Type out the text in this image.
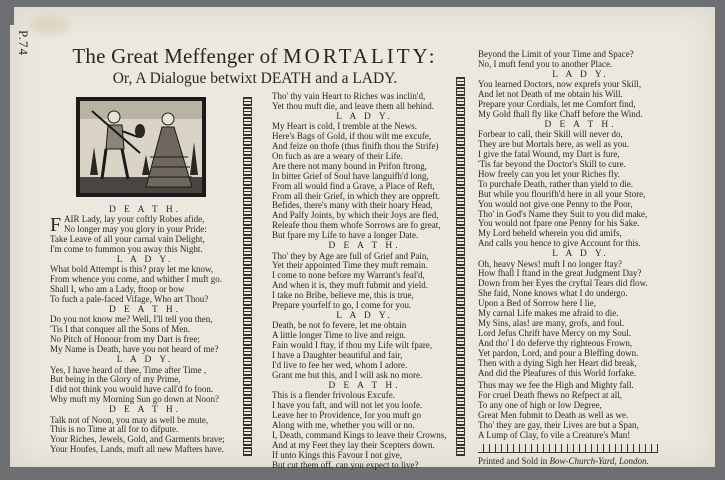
P.74	The Great Meffenger of MORTALITY:
Or, A Dialogue betwixt DEATH and a LADY.
D E A T H.
F AIR Lady, lay your coftly Robes afide,
No longer may you glory in your Pride:
Take Leave of all your carnal vain Delight,
I'm come to fummon you away this Night.
L A D Y.
What bold Attempt is this? pray let me know,
From whence you come, and whither I muft go.
Shall I, who am a Lady, ftoop or bow
To fuch a pale-faced Vifage, Who art Thou?
D E A T H.
Do you not know me? Well, I'll tell you then,
'Tis I that conquer all the Sons of Men.
No Pitch of Honour from my Dart is free;
My Name is Death, have you not heard of me?
L A D Y.
Yes, I have heard of thee, Time after Time ,
But being in the Glory of my Prime,
I did not think you would have call'd fo foon.
Why muft my Morning Sun go down at Noon?
D E A T H.
Talk not of Noon, you may as well be mute,
This is no Time at all for to difpute.
Your Riches, Jewels, Gold, and Garments brave;
Your Houfes, Lands, muft all new Mafters have.
Tho' thy vain Heart to Riches was inclin'd,
Yet thou muft die, and leave them all behind.
L A D Y.
My Heart is cold, I tremble at the News.
Here's Bags of Gold, if thou wilt me excufe,
And feize on thofe (thus finifh thou the Strife)
On fuch as are a weary of their Life.
Are there not many bound in Prifon ftrong,
In bitter Grief of Soul have languifh'd long,
From all would find a Grave, a Place of Reft,
From all their Grief, in which they are oppreft.
Befides, there's many with their hoary Head,
And Palfy Joints, by which their Joys are fled,
Releafe thou them whofe Sorrows are fo great,
But fpare my Life to have a longer Date.
D E A T H.
Tho' they by Age are full of Grief and Pain,
Yet their appointed Time they muft remain.
I come to none before my Warrant's feal'd,
And when it is, they muft fubmit and yield.
I take no Bribe, believe me, this is true,
Prepare yourfelf to go, I come for you.
L A D Y.
Death, be not fo fevere, let me obtain
A little longer Time to live and reign.
Fain would I ftay, if thou my Life wilt fpare,
I have a Daughter beautiful and fair,
I'd live to fee her wed, whom I adore.
Grant me but this, and I will ask no more.
D E A T H.
This is a flender frivolous Excufe.
I have you faft, and will not let you loofe.
Leave her to Providence, for you muft go
Along with me, whether you will or no.
I, Death, command Kings to leave their Crowns,
And at my Feet they lay their Scepters down.
If unto Kings this Favour I not give,
But cut them off, can you expect to live?
Beyond the Limit of your Time and Space?
No, I muft fend you to another Place.
L A D Y.
You learned Doctors, now exprefs your Skill,
And let not Death of me obtain his Will.
Prepare your Cordials, let me Comfort find,
My Gold fhall fly like Chaff before the Wind.
D E A T H.
Forbear to call, their Skill will never do,
They are but Mortals here, as well as you.
I give the fatal Wound, my Dart is fure,
'Tis far beyond the Doctor's Skill to cure.
How freely can you let your Riches fly.
To purchafe Death, rather than yield to die.
But while you flourifh'd here in all your Store,
You would not give one Penny to the Poor,
Tho' in God's Name they Suit to you did make,
You would not fpare one Penny for his Sake.
My Lord beheld wherein you did amifs,
And calls you hence to give Account for this.
L A D Y.
Oh, heavy News! muft I no longer ftay?
How fhall I ftand in the great Judgment Day?
Down from her Eyes the cryftal Tears did flow.
She faid, None knows what I do undergo.
Upon a Bed of Sorrow here I lie,
My carnal Life makes me afraid to die.
My Sins, alas! are many, grofs, and foul.
Lord Jefus Chrift have Mercy on my Soul.
And tho' I do deferve thy righteous Frown,
Yet pardon, Lord, and pour a Bleffing down.
Then with a dying Sigh her Heart did break,
And did the Pleafures of this World forfake.
Thus may we fee the High and Mighty fall.
For cruel Death fhews no Refpect at all,
To any one of high or low Degree,
Great Men fubmit to Death as well as we.
Tho' they are gay, their Lives are but a Span,
A Lump of Clay, fo vile a Creature's Man!
Printed and Sold in Bow-Church-Yard, London.
